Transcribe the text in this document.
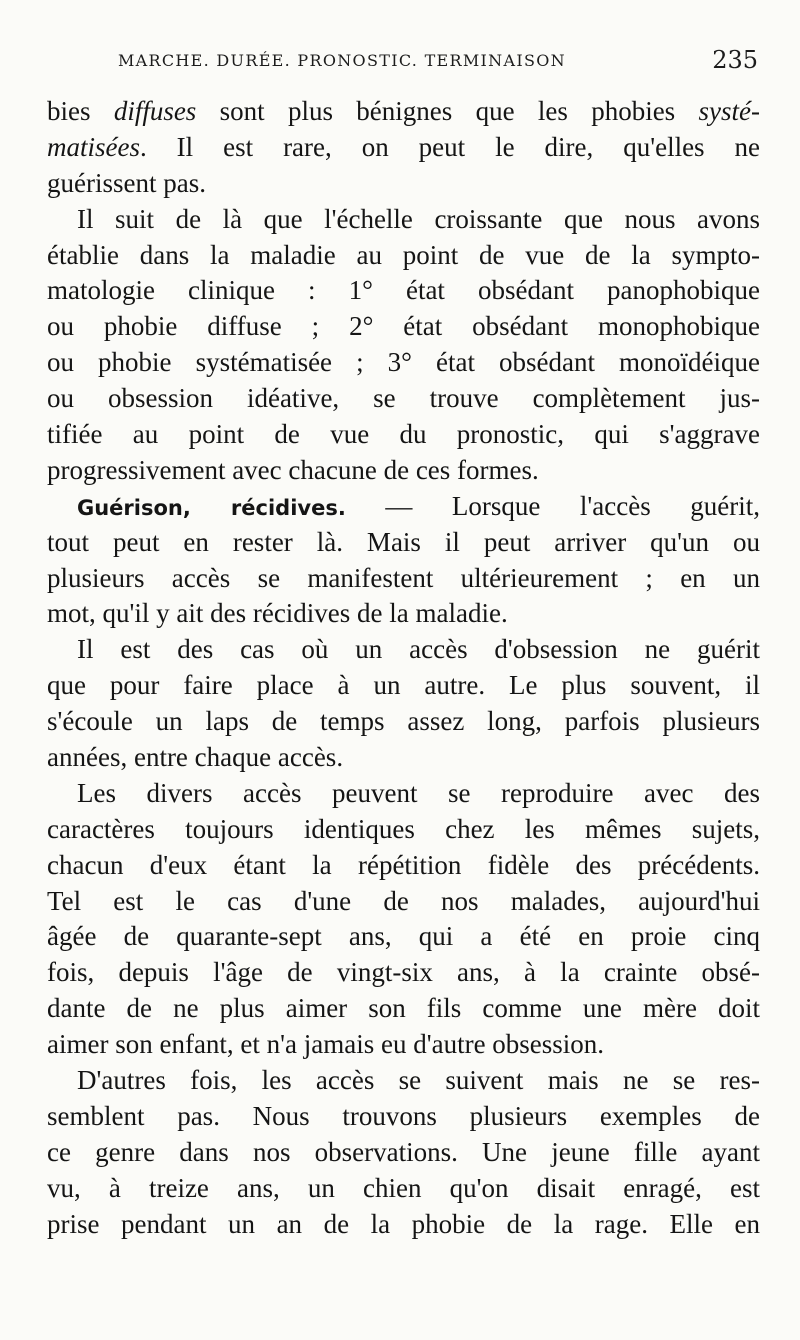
MARCHE. DURÉE. PRONOSTIC. TERMINAISON	235
bies diffuses sont plus bénignes que les phobies systé-
matisées. Il est rare, on peut le dire, qu'elles ne
guérissent pas.
Il suit de là que l'échelle croissante que nous avons
établie dans la maladie au point de vue de la sympto-
matologie clinique : 1° état obsédant panophobique
ou phobie diffuse ; 2° état obsédant monophobique
ou phobie systématisée ; 3° état obsédant monoïdéique
ou obsession idéative, se trouve complètement jus-
tifiée au point de vue du pronostic, qui s'aggrave
progressivement avec chacune de ces formes.
Guérison, récidives. — Lorsque l'accès guérit,
tout peut en rester là. Mais il peut arriver qu'un ou
plusieurs accès se manifestent ultérieurement ; en un
mot, qu'il y ait des récidives de la maladie.
Il est des cas où un accès d'obsession ne guérit
que pour faire place à un autre. Le plus souvent, il
s'écoule un laps de temps assez long, parfois plusieurs
années, entre chaque accès.
Les divers accès peuvent se reproduire avec des
caractères toujours identiques chez les mêmes sujets,
chacun d'eux étant la répétition fidèle des précédents.
Tel est le cas d'une de nos malades, aujourd'hui
âgée de quarante-sept ans, qui a été en proie cinq
fois, depuis l'âge de vingt-six ans, à la crainte obsé-
dante de ne plus aimer son fils comme une mère doit
aimer son enfant, et n'a jamais eu d'autre obsession.
D'autres fois, les accès se suivent mais ne se res-
semblent pas. Nous trouvons plusieurs exemples de
ce genre dans nos observations. Une jeune fille ayant
vu, à treize ans, un chien qu'on disait enragé, est
prise pendant un an de la phobie de la rage. Elle en
